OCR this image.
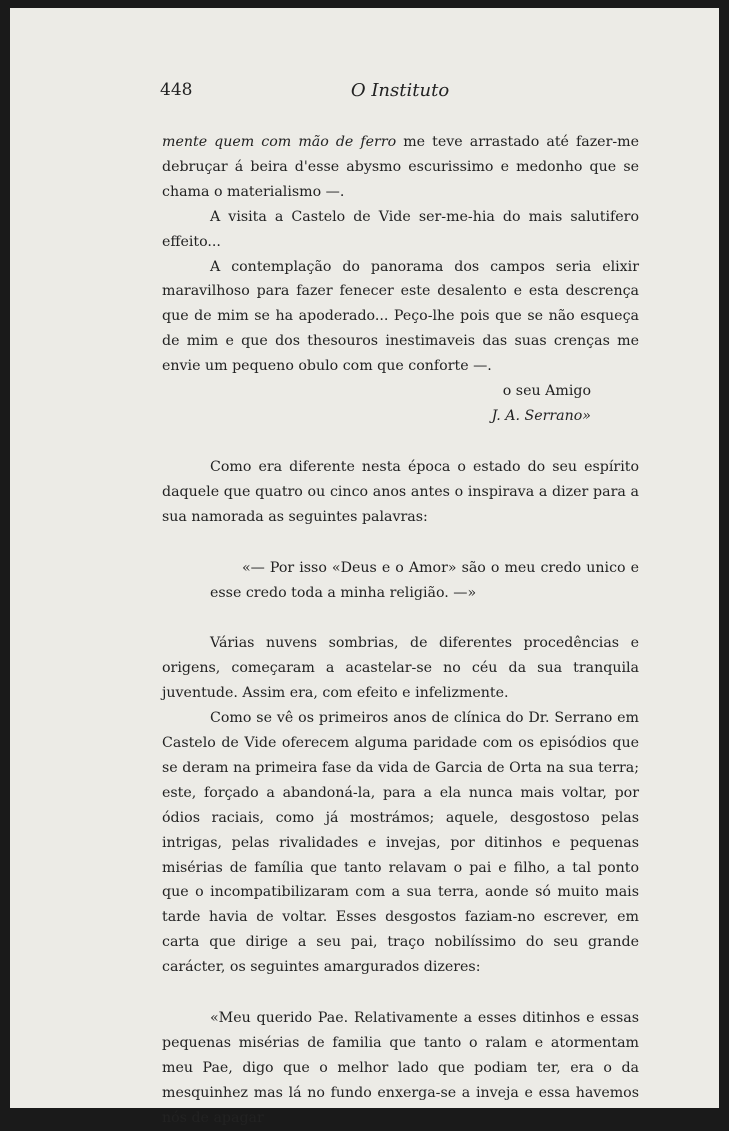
448	O Instituto

mente quem com mão de ferro me teve arrastado até fazer-me debruçar á beira d'esse abysmo escurissimo e medonho que se chama o materialismo —.

A visita a Castelo de Vide ser-me-hia do mais salutifero effeito...

A contemplação do panorama dos campos seria elixir maravilhoso para fazer fenecer este desalento e esta descrença que de mim se ha apoderado... Peço-lhe pois que se não esqueça de mim e que dos thesouros inestimaveis das suas crenças me envie um pequeno obulo com que conforte —.

o seu Amigo

J. A. Serrano»

Como era diferente nesta época o estado do seu espírito daquele que quatro ou cinco anos antes o inspirava a dizer para a sua namorada as seguintes palavras:

«— Por isso «Deus e o Amor» são o meu credo unico e esse credo toda a minha religião. —»

Várias nuvens sombrias, de diferentes procedências e origens, começaram a acastelar-se no céu da sua tranquila juventude. Assim era, com efeito e infelizmente.

Como se vê os primeiros anos de clínica do Dr. Serrano em Castelo de Vide oferecem alguma paridade com os episódios que se deram na primeira fase da vida de Garcia de Orta na sua terra; este, forçado a abandoná-la, para a ela nunca mais voltar, por ódios raciais, como já mostrámos; aquele, desgostoso pelas intrigas, pelas rivalidades e invejas, por ditinhos e pequenas misérias de família que tanto relavam o pai e filho, a tal ponto que o incompatibilizaram com a sua terra, aonde só muito mais tarde havia de voltar. Esses desgostos faziam-no escrever, em carta que dirige a seu pai, traço nobilíssimo do seu grande carácter, os seguintes amargurados dizeres:

«Meu querido Pae. Relativamente a esses ditinhos e essas pequenas misérias de familia que tanto o ralam e atormentam meu Pae, digo que o melhor lado que podiam ter, era o da mesquinhez mas lá no fundo enxerga-se a inveja e essa havemos nós de apagar
